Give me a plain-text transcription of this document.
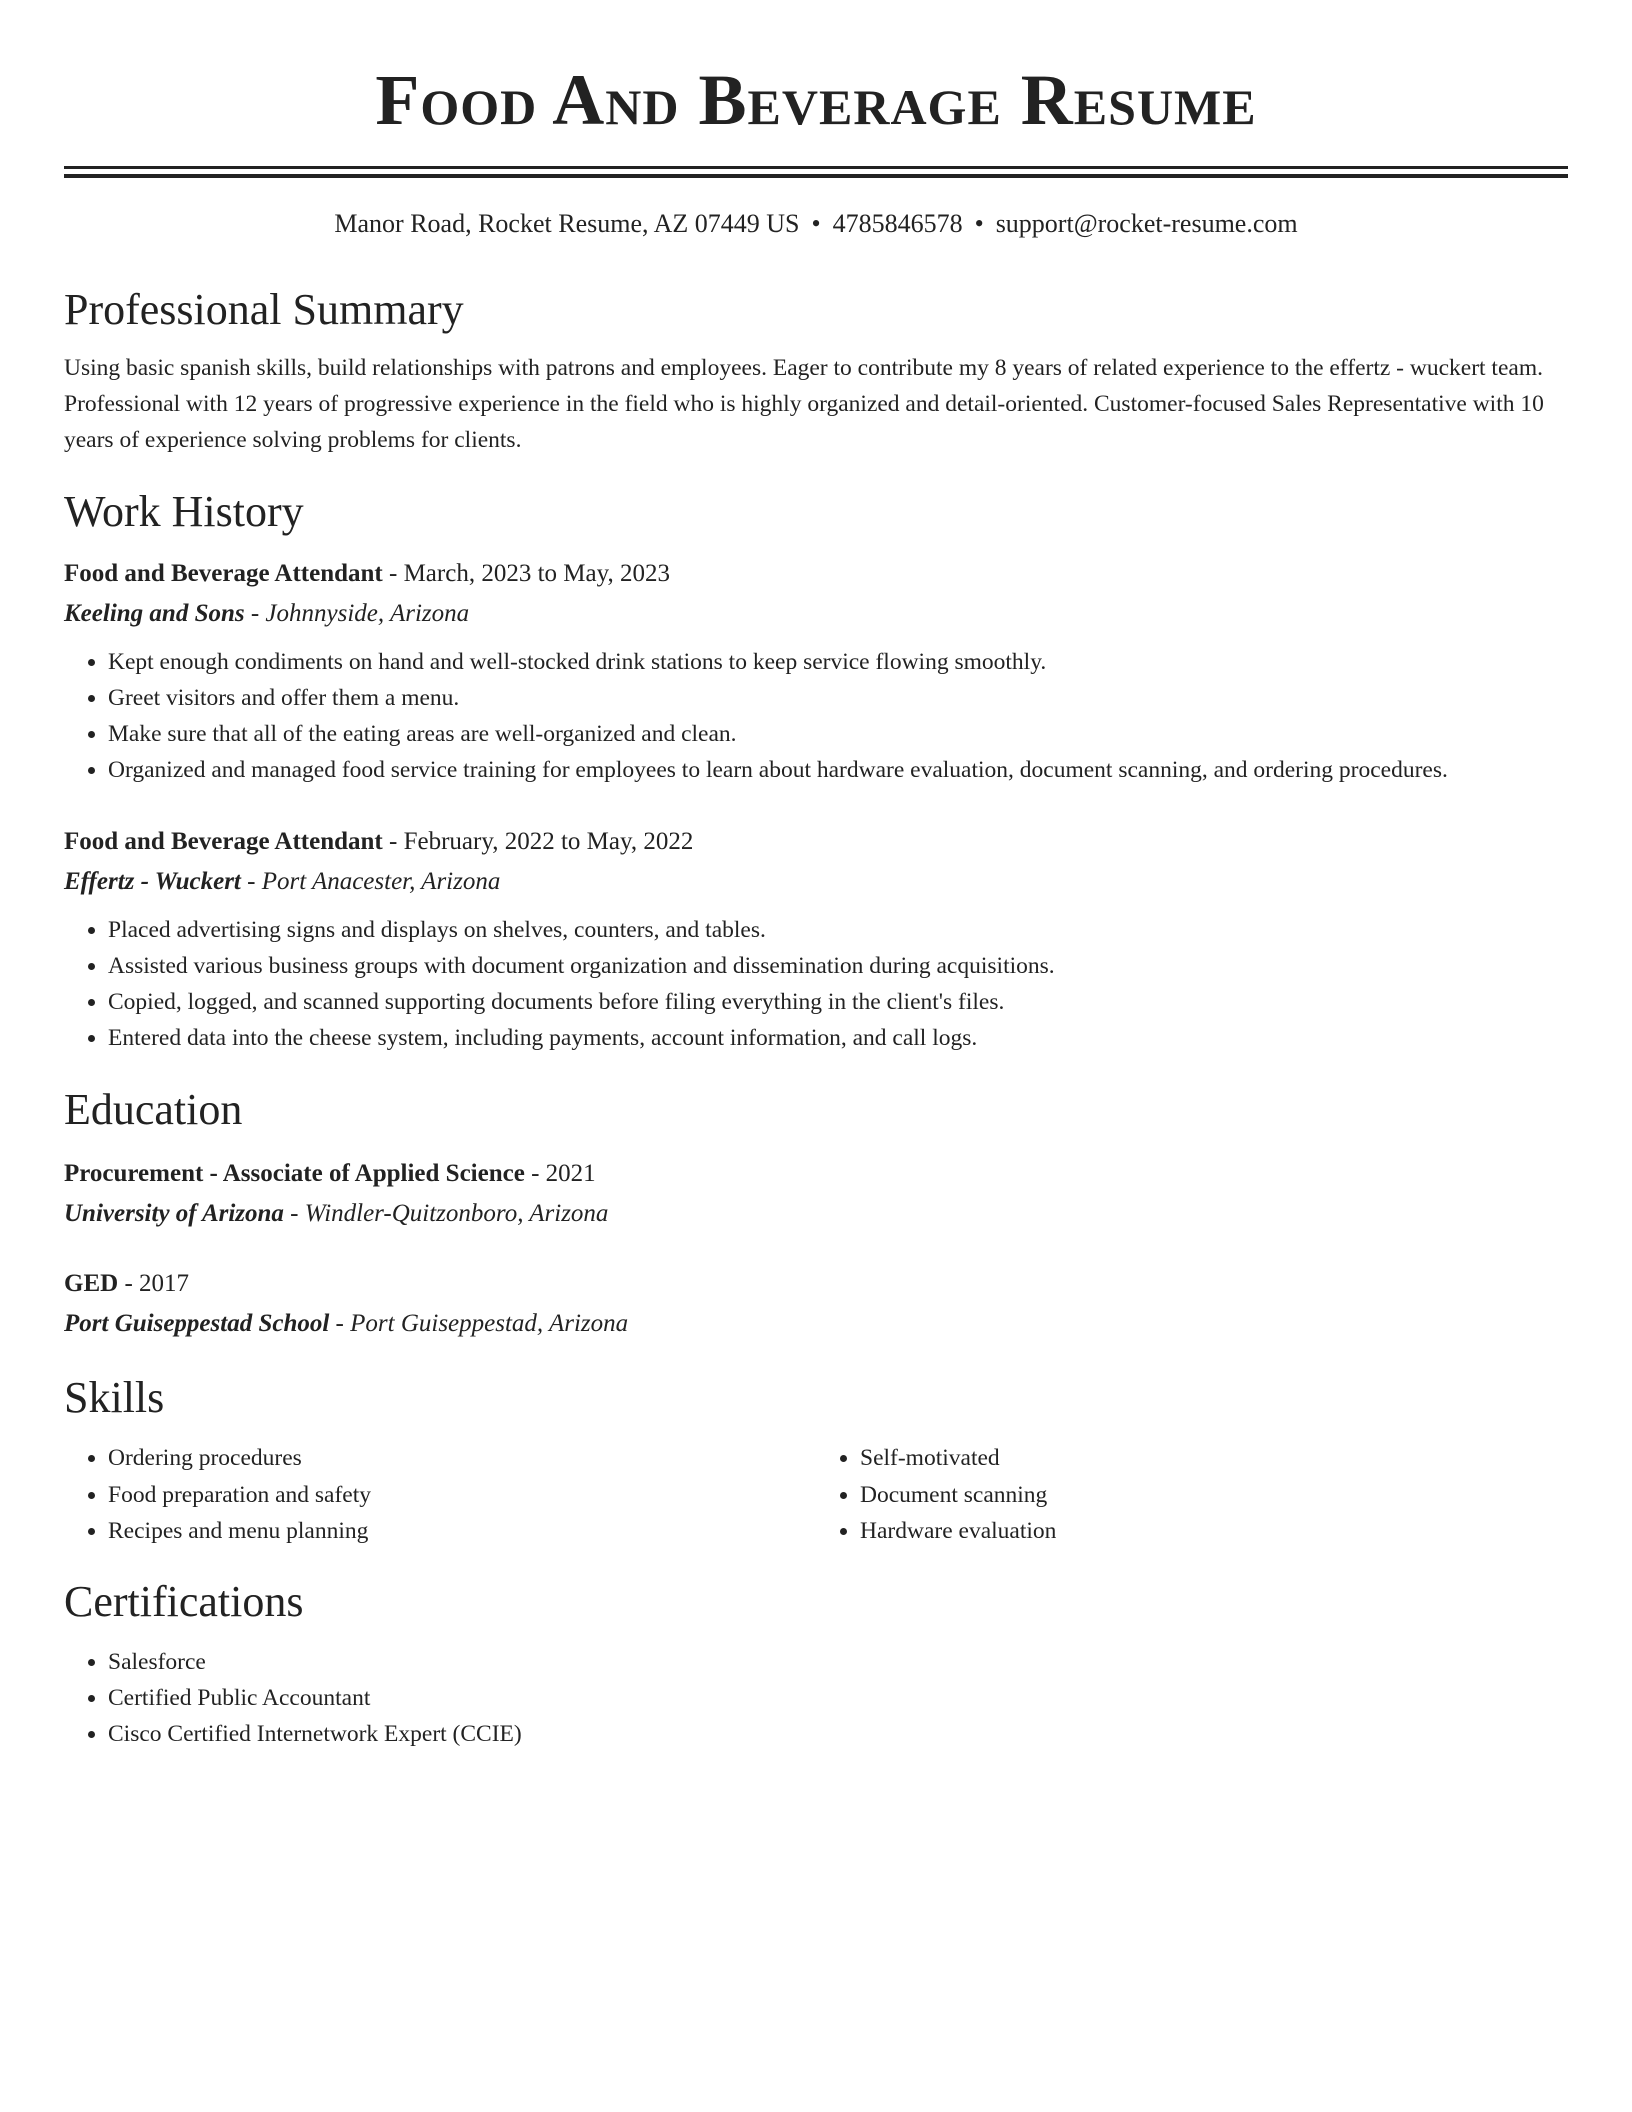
Food And Beverage Resume
Manor Road, Rocket Resume, AZ 07449 US • 4785846578 • support@rocket-resume.com
Professional Summary
Using basic spanish skills, build relationships with patrons and employees. Eager to contribute my 8 years of related experience to the effertz - wuckert team. Professional with 12 years of progressive experience in the field who is highly organized and detail-oriented. Customer-focused Sales Representative with 10 years of experience solving problems for clients.
Work History
Food and Beverage Attendant - March, 2023 to May, 2023
Keeling and Sons - Johnnyside, Arizona
• Kept enough condiments on hand and well-stocked drink stations to keep service flowing smoothly.
• Greet visitors and offer them a menu.
• Make sure that all of the eating areas are well-organized and clean.
• Organized and managed food service training for employees to learn about hardware evaluation, document scanning, and ordering procedures.
Food and Beverage Attendant - February, 2022 to May, 2022
Effertz - Wuckert - Port Anacester, Arizona
• Placed advertising signs and displays on shelves, counters, and tables.
• Assisted various business groups with document organization and dissemination during acquisitions.
• Copied, logged, and scanned supporting documents before filing everything in the client's files.
• Entered data into the cheese system, including payments, account information, and call logs.
Education
Procurement - Associate of Applied Science - 2021
University of Arizona - Windler-Quitzonboro, Arizona
GED - 2017
Port Guiseppestad School - Port Guiseppestad, Arizona
Skills
• Ordering procedures
• Food preparation and safety
• Recipes and menu planning
• Self-motivated
• Document scanning
• Hardware evaluation
Certifications
• Salesforce
• Certified Public Accountant
• Cisco Certified Internetwork Expert (CCIE)
